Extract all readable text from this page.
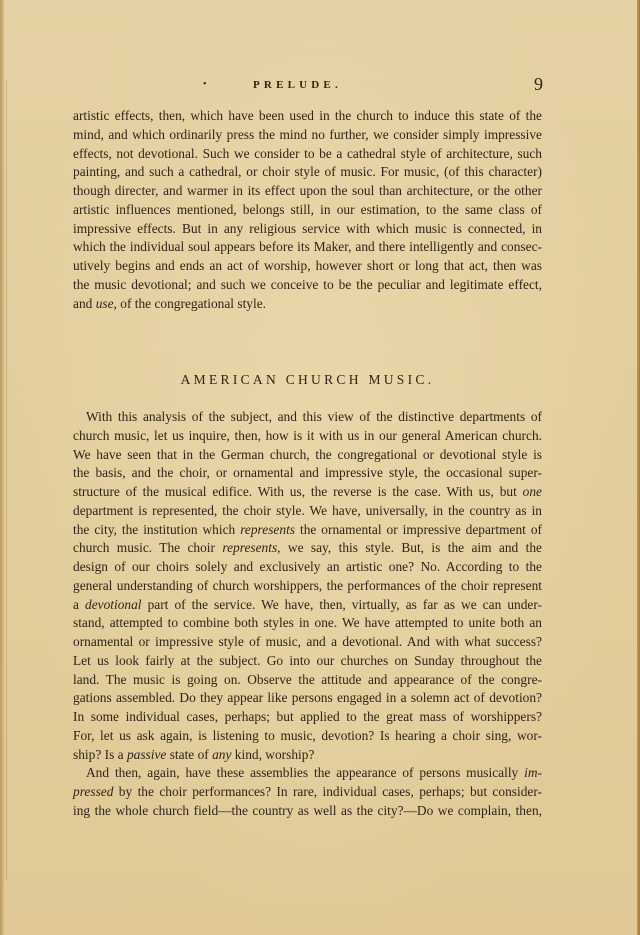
•	PRELUDE.	9
artistic effects, then, which have been used in the church to induce this state of the
mind, and which ordinarily press the mind no further, we consider simply impressive
effects, not devotional. Such we consider to be a cathedral style of architecture, such
painting, and such a cathedral, or choir style of music. For music, (of this character)
though directer, and warmer in its effect upon the soul than architecture, or the other
artistic influences mentioned, belongs still, in our estimation, to the same class of
impressive effects. But in any religious service with which music is connected, in
which the individual soul appears before its Maker, and there intelligently and consec-
utively begins and ends an act of worship, however short or long that act, then was
the music devotional; and such we conceive to be the peculiar and legitimate effect,
and use, of the congregational style.
AMERICAN CHURCH MUSIC.
With this analysis of the subject, and this view of the distinctive departments of
church music, let us inquire, then, how is it with us in our general American church.
We have seen that in the German church, the congregational or devotional style is
the basis, and the choir, or ornamental and impressive style, the occasional super-
structure of the musical edifice. With us, the reverse is the case. With us, but one
department is represented, the choir style. We have, universally, in the country as in
the city, the institution which represents the ornamental or impressive department of
church music. The choir represents, we say, this style. But, is the aim and the
design of our choirs solely and exclusively an artistic one? No. According to the
general understanding of church worshippers, the performances of the choir represent
a devotional part of the service. We have, then, virtually, as far as we can under-
stand, attempted to combine both styles in one. We have attempted to unite both an
ornamental or impressive style of music, and a devotional. And with what success?
Let us look fairly at the subject. Go into our churches on Sunday throughout the
land. The music is going on. Observe the attitude and appearance of the congre-
gations assembled. Do they appear like persons engaged in a solemn act of devotion?
In some individual cases, perhaps; but applied to the great mass of worshippers?
For, let us ask again, is listening to music, devotion? Is hearing a choir sing, wor-
ship? Is a passive state of any kind, worship?
And then, again, have these assemblies the appearance of persons musically im-
pressed by the choir performances? In rare, individual cases, perhaps; but consider-
ing the whole church field—the country as well as the city?—Do we complain, then,
